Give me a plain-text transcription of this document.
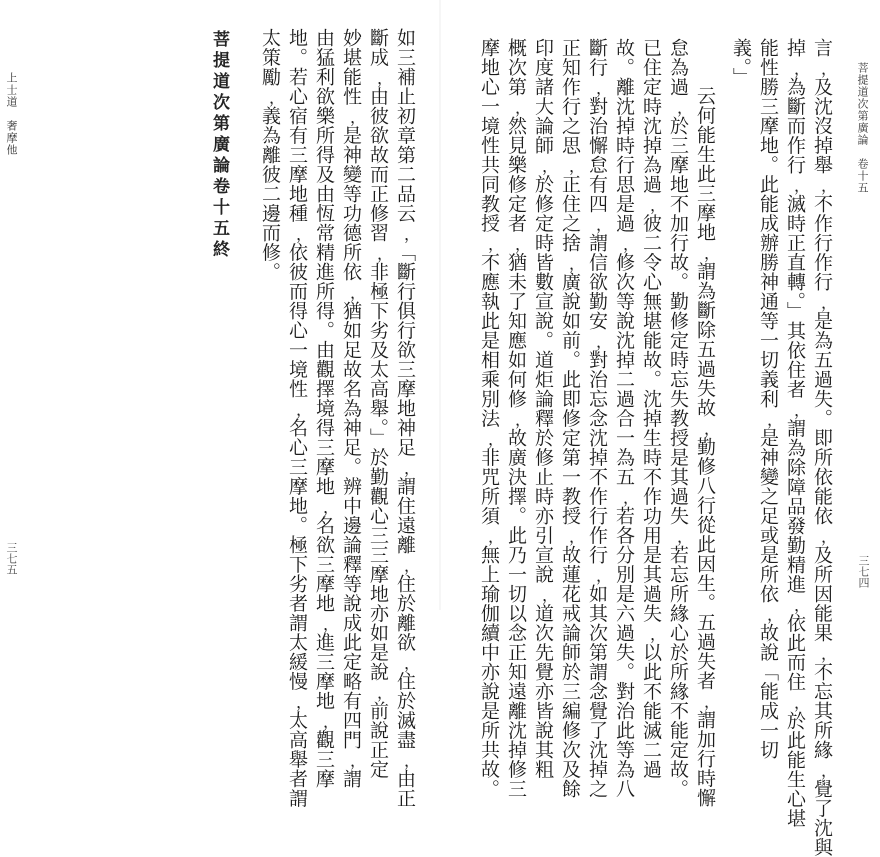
菩提道次第廣論　卷十五
三七四
言﹐及沈沒掉舉﹐不作行作行﹐是為五過失。即所依能依﹐及所因能果﹐不忘其所緣﹐覺了沈與
掉﹐為斷而作行﹐滅時正直轉。」其依住者﹐謂為除障品發勤精進﹐依此而住﹐於此能生心堪
能性勝三摩地。此能成辦勝神通等一切義利﹐是神變之足或是所依﹐故說「能成一切
義。」
云何能生此三摩地﹐謂為斷除五過失故﹐勤修八行從此因生。五過失者﹐謂加行時懈
怠為過﹐於三摩地不加行故。勤修定時忘失教授是其過失﹐若忘所緣心於所緣不能定故。
已住定時沈掉為過﹐彼二令心無堪能故。沈掉生時不作功用是其過失﹐以此不能滅二過
故。離沈掉時行思是過﹐修次等說沈掉二過合一為五﹐若各分別是六過失。對治此等為八
斷行﹐對治懈怠有四﹐謂信欲勤安﹐對治忘念沈掉不作行作行﹐如其次第謂念覺了沈掉之
正知作行之思﹐正住之捨﹐廣說如前。此即修定第一教授﹐故蓮花戒論師於三編修次及餘
印度諸大論師﹐於修定時皆數宣說。道炬論釋於修止時亦引宣說﹐道次先覺亦皆說其粗
概次第﹐然見樂修定者﹐猶未了知應如何修﹐故廣決擇。此乃一切以念正知遠離沈掉修三
摩地心一境性共同教授﹐不應執此是相乘別法﹐非咒所須﹐無上瑜伽續中亦說是所共故。
上士道　奢摩他
三七五	如三補止初章第二品云﹐「斷行俱行欲三摩地神足﹐謂住遠離﹐住於離欲﹐住於滅盡﹐由正
斷成﹐由彼欲故而正修習﹐非極下劣及太高舉。」於勤觀心三三摩地亦如是說﹐前說正定
妙堪能性﹐是神變等功德所依﹐猶如足故名為神足。辨中邊論釋等說成此定略有四門﹐謂
由猛利欲樂所得及由恆常精進所得。由觀擇境得三摩地﹐名欲三摩地﹐進三摩地﹐觀三摩
地。若心宿有三摩地種﹐依彼而得心一境性﹐名心三摩地。極下劣者謂太緩慢﹐太高舉者謂
太策勵﹐義為離彼二邊而修。
菩提道次第廣論卷十五終
